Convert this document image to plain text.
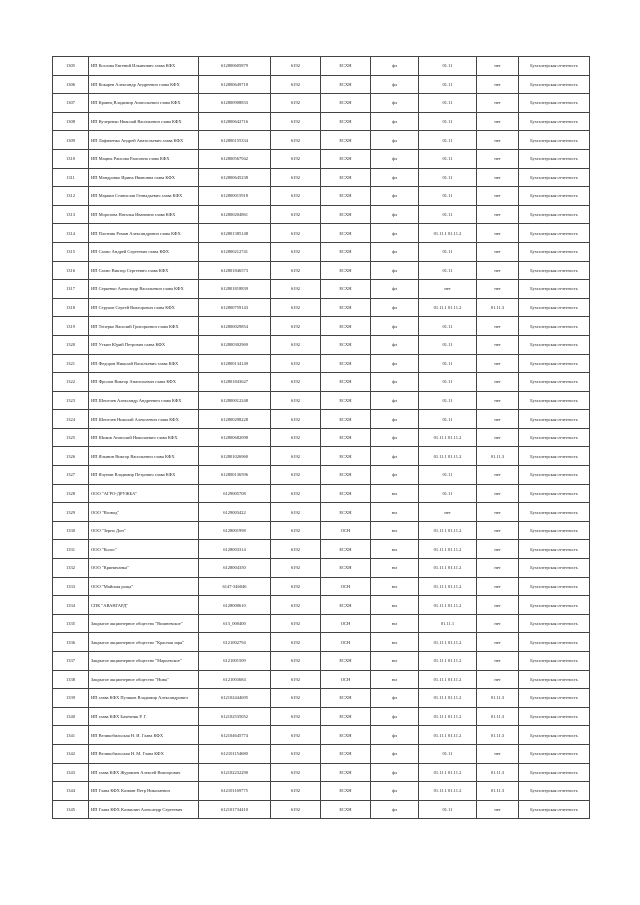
1305	ИП Козлова Евгений Ильинович глава КФХ	612800605879	6192	ЕСХН	фл	01.11	нет	Бухгалтерская отчетность
1306	ИП Кокарев Александр Андреевич глава КФХ	612800649718	6192	ЕСХН	фл	01.11	нет	Бухгалтерская отчетность
1307	ИП Кравец Владимир Анатольевич глава КФХ	612800908833	6192	ЕСХН	фл	01.11	нет	Бухгалтерская отчетность
1308	ИП Кучеренко Николай Васильевич глава КФХ	612800642716	6192	ЕСХН	фл	01.11	нет	Бухгалтерская отчетность
1309	ИП Лафиченко Андрей Анатольевич глава КФХ	612800155334	6192	ЕСХН	фл	01.11	нет	Бухгалтерская отчетность
1310	ИП Мацюк Раисова Раисовна глава КФХ	612800567942	6192	ЕСХН	фл	01.11	нет	Бухгалтерская отчетность
1311	ИП Мандровко Ирина Ивановна глава КФХ	612800645238	6192	ЕСХН	фл	01.11	нет	Бухгалтерская отчетность
1312	ИП Маркин Станислав Геннадьевич глава КФХ	612800015918	6192	ЕСХН	фл	01.11	нет	Бухгалтерская отчетность
1313	ИП Морозова Наталья Ивановна глава КФХ	612800204861	6192	ЕСХН	фл	01.11	нет	Бухгалтерская отчетность
1314	ИП Плотник Роман Александрович глава КФХ	612801385148	6192	ЕСХН	фл	01.11.1 01.11.2	нет	Бухгалтерская отчетность
1315	ИП Сахно Андрей Сергеевич глава КФХ	612800212741	6192	ЕСХН	фл	01.11	нет	Бухгалтерская отчетность
1316	ИП Сахно Виктор Сергеевич глава КФХ	612801846573	6192	ЕСХН	фл	01.11	нет	Бухгалтерская отчетность
1317	ИП Серкенко Александр Васильевич глава КФХ	612801818839	6192	ЕСХН	фл	нет	нет	Бухгалтерская отчетность
1318	ИП Струков Сергей Викторович глава КФХ	612800759143	6192	ЕСХН	фл	01.11.1 01.11.2	01.11.3	Бухгалтерская отчетность
1319	ИП Теперко Василий Григорьевич глава КФХ	612800029854	6192	ЕСХН	фл	01.11	нет	Бухгалтерская отчетность
1320	ИП Уткин Юрий Петрович глава КФХ	612800302969	6192	ЕСХН	фл	01.11	нет	Бухгалтерская отчетность
1321	ИП Федоров Николай Васильевич глава КФХ	612800134149	6192	ЕСХН	фл	01.11	нет	Бухгалтерская отчетность
1322	ИП Фролов Виктор Анатольевич глава КФХ	612801843627	6192	ЕСХН	фл	01.11	нет	Бухгалтерская отчетность
1323	ИП Шепелев Александр Андреевич глава КФХ	612800012248	6192	ЕСХН	фл	01.11	нет	Бухгалтерская отчетность
1324	ИП Шепелев Николай Алексеевич глава КФХ	612800298228	6192	ЕСХН	фл	01.11	нет	Бухгалтерская отчетность
1325	ИП Шиков Анатолий Николаевич глава КФХ	612800682098	6192	ЕСХН	фл	01.11.1 01.11.2	нет	Бухгалтерская отчетность
1326	ИП Ялынин Виктор Васильевич глава КФХ	612801026960	6192	ЕСХН	фл	01.11.1 01.11.2	01.11.3	Бухгалтерская отчетность
1327	ИП Ялунин Владимир Петрович глава КФХ	612800136596	6192	ЕСХН	фл	01.11	нет	Бухгалтерская отчетность
1328	ООО "АГРО-ДРУЖБА"	6129005708	6192	ЕСХН	юл	01.11	нет	Бухгалтерская отчетность
1329	ООО "Возвод"	6129003422	6192	ЕСХН	юл	нет	нет	Бухгалтерская отчетность
1330	ООО "Зерно Дон"	6128001998	6192	ОСН	юл	01.11.1 01.11.2	нет	Бухгалтерская отчетность
1331	ООО "Колос"	6128003314	6192	ЕСХН	юл	01.11.1 01.11.2	нет	Бухгалтерская отчетность
1332	ООО "Криничанка"	6128004350	6192	ЕСХН	юл	01.11.1 01.11.2	нет	Бухгалтерская отчетность
1333	ООО "Майская роща"	6147-346046	6192	ОСН	юл	01.11.1 01.11.2	нет	Бухгалтерская отчетность
1334	СПК "АВАНГАРД"	6128000610	6192	ЕСХН	юл	01.11.1 01.11.2	нет	Бухгалтерская отчетность
1335	Закрытое акционерное общество "Вишневское"	613_000400	6192	ОСН	юл	01.11.1	нет	Бухгалтерская отчетность
1336	Закрытое акционерное общество "Красная заря"	6121002794	6192	ОСН	юл	01.11.1 01.11.2	нет	Бухгалтерская отчетность
1337	Закрытое акционерное общество "Марьевское"	6121001509	6192	ЕСХН	юл	01.11.1 01.11.2	нет	Бухгалтерская отчетность
1338	Закрытое акционерное общество "Нива"	6121003684	6192	ОСН	юл	01.11.1 01.11.2	нет	Бухгалтерская отчетность
1339	ИП глава КФХ Пузиков Владимир Александрович	612102444695	6192	ЕСХН	фл	01.11.1 01.11.2	01.11.3	Бухгалтерская отчетность
1340	ИП глава КФХ Бачечник Р. Г.	612102535052	6192	ЕСХН	фл	01.11.1 01.11.2	01.11.3	Бухгалтерская отчетность
1341	ИП Великобильская Н. И. Глава КФХ	612104645774	6192	ЕСХН	фл	01.11.1 01.11.2	01.11.3	Бухгалтерская отчетность
1342	ИП Великобильская Н. М. Глава КФХ	612101154680	6192	ЕСХН	фл	01.11	нет	Бухгалтерская отчетность
1343	ИП глава КФХ Журавлев Алексей Викторович	612102232290	6192	ЕСХН	фл	01.11.1 01.11.2	01.11.3	Бухгалтерская отчетность
1344	ИП Глава КФХ Казмин Петр Николаевич	612101169775	6192	ЕСХН	фл	01.11.1 01.11.2	01.11.3	Бухгалтерская отчетность
1345	ИП Глава КФХ Казмалин Александр Сергеевич	612101734410	6192	ЕСХН	фл	01.11	нет	Бухгалтерская отчетность
